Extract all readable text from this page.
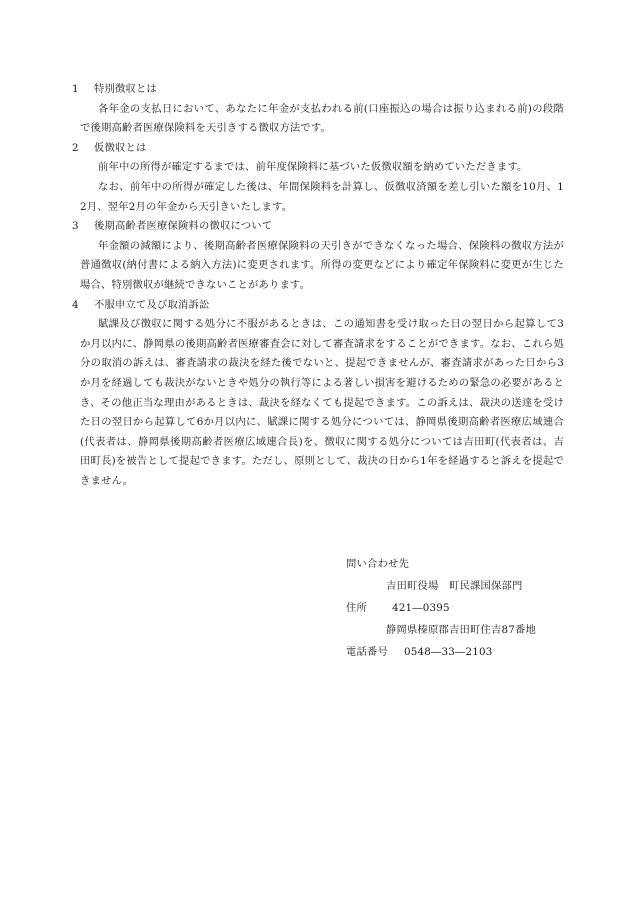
1	特別徴収とは
各年金の支払日において、あなたに年金が支払われる前(口座振込の場合は振り込まれる前)の段階で後期高齢者医療保険料を天引きする徴収方法です。
2	仮徴収とは
前年中の所得が確定するまでは、前年度保険料に基づいた仮徴収額を納めていただきます。
なお、前年中の所得が確定した後は、年間保険料を計算し、仮徴収済額を差し引いた額を10月、12月、翌年2月の年金から天引きいたします。
3	後期高齢者医療保険料の徴収について
年金額の減額により、後期高齢者医療保険料の天引きができなくなった場合、保険料の徴収方法が普通徴収(納付書による納入方法)に変更されます。所得の変更などにより確定年保険料に変更が生じた場合、特別徴収が継続できないことがあります。
4	不服申立て及び取消訴訟
賦課及び徴収に関する処分に不服があるときは、この通知書を受け取った日の翌日から起算して3か月以内に、静岡県の後期高齢者医療審査会に対して審査請求をすることができます。なお、これら処分の取消の訴えは、審査請求の裁決を経た後でないと、提起できませんが、審査請求があった日から3か月を経過しても裁決がないときや処分の執行等による著しい損害を避けるための緊急の必要があるとき、その他正当な理由があるときは、裁決を経なくても提起できます。この訴えは、裁決の送達を受けた日の翌日から起算して6か月以内に、賦課に関する処分については、静岡県後期高齢者医療広域連合(代表者は、静岡県後期高齢者医療広域連合長)を、徴収に関する処分については吉田町(代表者は、吉田町長)を被告として提起できます。ただし、原則として、裁決の日から1年を経過すると訴えを提起できません。
問い合わせ先
吉田町役場　町民課国保部門
住所	421―0395
静岡県榛原郡吉田町住吉87番地
電話番号	0548―33―2103
